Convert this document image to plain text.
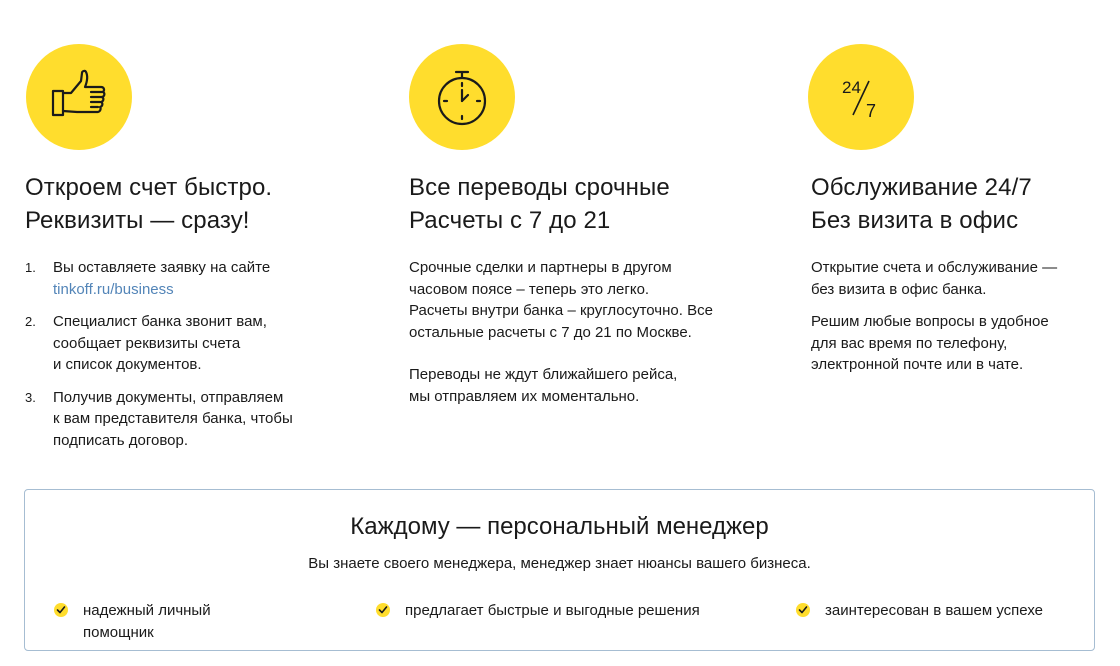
Откроем счет быстро.
Реквизиты — сразу!
1. Вы оставляете заявку на сайте
tinkoff.ru/business
2. Специалист банка звонит вам,
сообщает реквизиты счета
и список документов.
3. Получив документы, отправляем
к вам представителя банка, чтобы
подписать договор.
Все переводы срочные
Расчеты с 7 до 21
Срочные сделки и партнеры в другом
часовом поясе – теперь это легко.
Расчеты внутри банка – круглосуточно. Все
остальные расчеты с 7 до 21 по Москве.
Переводы не ждут ближайшего рейса,
мы отправляем их моментально.
24
7
Обслуживание 24/7
Без визита в офис
Открытие счета и обслуживание —
без визита в офис банка.
Решим любые вопросы в удобное
для вас время по телефону,
электронной почте или в чате.
Каждому — персональный менеджер
Вы знаете своего менеджера, менеджер знает нюансы вашего бизнеса.
надежный личный
помощник
предлагает быстрые и выгодные решения	заинтересован в вашем успехе
